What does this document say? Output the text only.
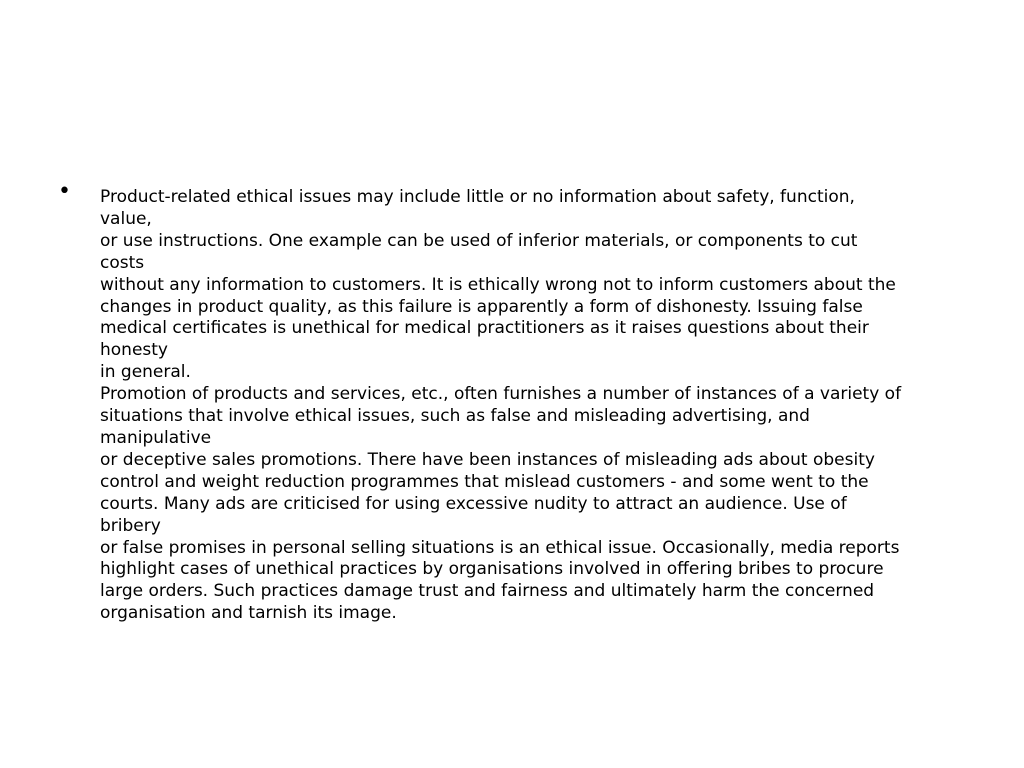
• Product-related ethical issues may include little or no information about safety, function,
value,
or use instructions. One example can be used of inferior materials, or components to cut
costs
without any information to customers. It is ethically wrong not to inform customers about the
changes in product quality, as this failure is apparently a form of dishonesty. Issuing false
medical certificates is unethical for medical practitioners as it raises questions about their
honesty
in general.
Promotion of products and services, etc., often furnishes a number of instances of a variety of
situations that involve ethical issues, such as false and misleading advertising, and
manipulative
or deceptive sales promotions. There have been instances of misleading ads about obesity
control and weight reduction programmes that mislead customers - and some went to the
courts. Many ads are criticised for using excessive nudity to attract an audience. Use of
bribery
or false promises in personal selling situations is an ethical issue. Occasionally, media reports
highlight cases of unethical practices by organisations involved in offering bribes to procure
large orders. Such practices damage trust and fairness and ultimately harm the concerned
organisation and tarnish its image.
